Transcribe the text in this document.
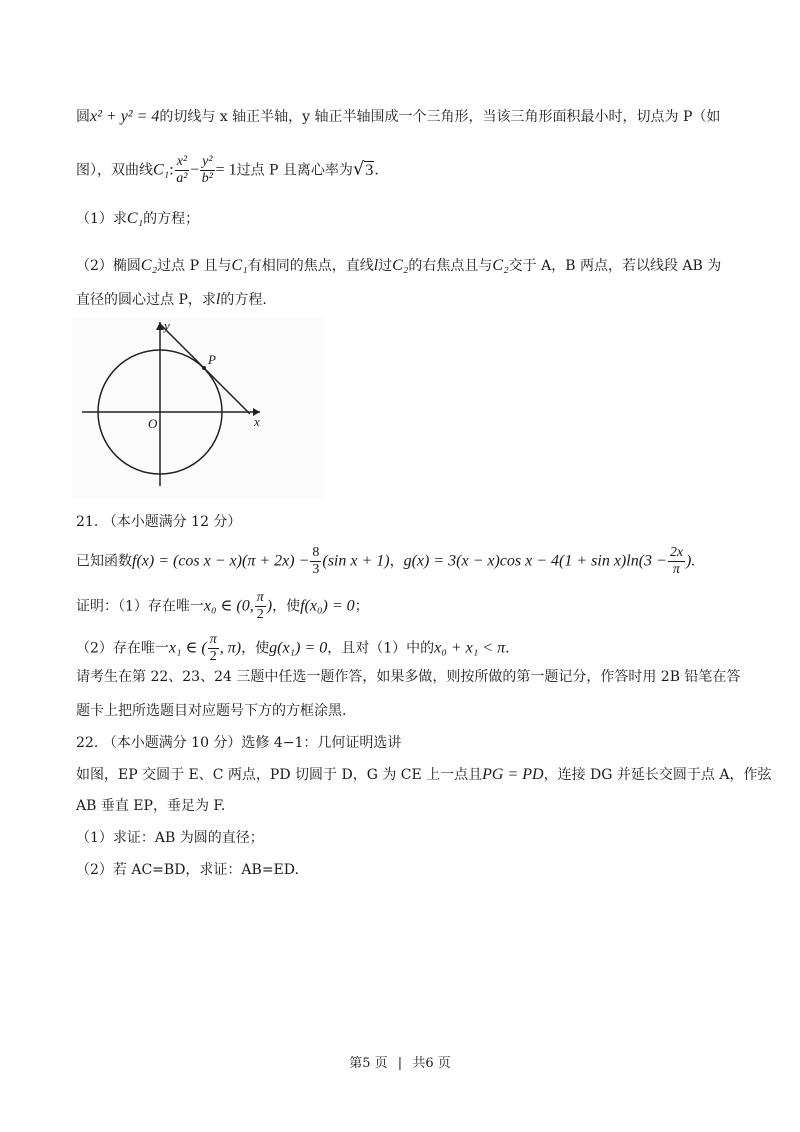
圆x² + y² = 4的切线与 x 轴正半轴，y 轴正半轴围成一个三角形，当该三角形面积最小时，切点为 P（如
图），双曲线C₁: $\frac{\text{x²}}{\text{a²}} - \frac{\text{y²}}{\text{b²}} = 1$过点 P 且离心率为√3.
（1）求C₁的方程；
（2）椭圆C₂过点 P 且与C₁有相同的焦点，直线l过C₂的右焦点且与C₂交于 A，B 两点，若以线段 AB 为
直径的圆心过点 P，求l的方程.
y
x
O
P
21. （本小题满分 12 分）
已知函数f(x) = (cos $x - x)(\pi + 2x) - \frac{8}{3} (\sin$ x + 1)，g(x) = 3(x − x)cos $x - 4(1 + \sin x)\ln(3 - \frac{2x}{\pi}$ ).
证明：（1）存在唯一x₀ ∈ (0, $\frac{\pi}{2}$ )，使f(x₀) = 0；
（2）存在唯一x₁ ∈ ( $\frac{\pi}{2}$ , π)，使g(x₁) = 0，且对（1）中的x₀ + x₁ < π.
请考生在第 22、23、24 三题中任选一题作答，如果多做，则按所做的第一题记分，作答时用 2B 铅笔在答
题卡上把所选题目对应题号下方的方框涂黑.
22. （本小题满分 10 分）选修 4−1：几何证明选讲
如图，EP 交圆于 E、C 两点，PD 切圆于 D，G 为 CE 上一点且PG = PD，连接 DG 并延长交圆于点 A，作弦
AB 垂直 EP，垂足为 F.
（1）求证：AB 为圆的直径；
（2）若 AC=BD，求证：AB=ED.
第5 页 | 共6 页
